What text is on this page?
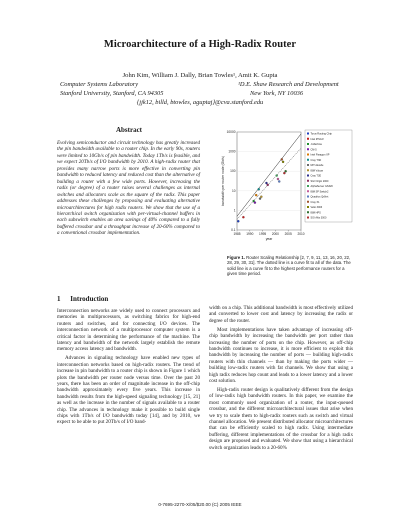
Microarchitecture of a High-Radix Router
John Kim, William J. Dally, Brian Towles¹, Amit K. Gupta
Computer Systems Laboratory	¹D.E. Shaw Research and Development
Stanford University, Stanford, CA 94305	New York, NY 10036
{jjk12, billd, btowles, aguptaj}@cva.stanford.edu
Abstract
Evolving semiconductor and circuit technology has greatly increased the pin bandwidth available to a router chip. In the early 90s, routers were limited to 10Gb/s of pin bandwidth. Today 1Tb/s is feasible, and we expect 20Tb/s of I/O bandwidth by 2010. A high-radix router that provides many narrow ports is more effective in converting pin bandwidth to reduced latency and reduced cost than the alternative of building a router with a few wide ports. However, increasing the radix (or degree) of a router raises several challenges as internal switches and allocators scale as the square of the radix. This paper addresses these challenges by proposing and evaluating alternative microarchitectures for high radix routers. We show that the use of a hierarchical switch organization with per-virtual-channel buffers in each subswitch enables an area savings of 40% compared to a fully buffered crossbar and a throughput increase of 20-60% compared to a conventional crossbar implementation.
1 Introduction

Interconnection networks are widely used to connect processors and memories in multiprocessors, as switching fabrics for high-end routers and switches, and for connecting I/O devices. The interconnection network of a multiprocessor computer system is a critical factor in determining the performance of the machine. The latency and bandwidth of the network largely establish the remote memory access latency and bandwidth.

Advances in signaling technology have enabled new types of interconnection networks based on high-radix routers. The trend of increase in pin bandwidth to a router chip is shown in Figure 1 which plots the bandwidth per router node versus time. Over the past 20 years, there has been an order of magnitude increase in the off-chip bandwidth approximately every five years. This increase in bandwidth results from the high-speed signaling technology [15, 21] as well as the increase in the number of signals available to a router chip. The advances in technology make it possible to build single chips with 1Tb/s of I/O bandwidth today [14], and by 2010, we expect to be able to put 20Tb/s of I/O band-

0.1
1
10
100
1000
10000
1985 1990 1995 2000 2005 2010
year
bandwidth per router node (Gb/s)
Torus Routing Chip
Intel iPSC/2
J-Machine
CM-5
Intel Paragon XP
Cray T3D
MIT Alewife
IBM Vulcan
Cray T3E
SGI Origin 2000
AlphaServer GS320
IBM SP Switch2
Quadrics QsNet
Cray X1
Velio 3003
IBM HPS
SGI Altix 3000
Figure 1. Router Scaling Relationship [2, 7, 9, 11, 13, 16, 20, 22, 28, 29, 30, 31]. The dotted line is a curve fit to all of the data. The solid line is a curve fit to the highest performance routers for a given time period.

width on a chip. This additional bandwidth is most effectively utilized and converted to lower cost and latency by increasing the radix or degree of the router.

Most implementations have taken advantage of increasing off-chip bandwidth by increasing the bandwidth per port rather than increasing the number of ports on the chip. However, as off-chip bandwidth continues to increase, it is more efficient to exploit this bandwidth by increasing the number of ports — building high-radix routers with thin channels — than by making the ports wider — building low-radix routers with fat channels. We show that using a high radix reduces hop count and leads to a lower latency and a lower cost solution.

High-radix router design is qualitatively different from the design of low-radix high bandwidth routers. In this paper, we examine the most commonly used organization of a router, the input-queued crossbar, and the different microarchitectural issues that arise when we try to scale them to high-radix routers such as switch and virtual channel allocation. We present distributed allocator microarchitectures that can be efficiently scaled to high radix. Using intermediate buffering, different implementations of the crossbar for a high radix design are proposed and evaluated. We show that using a hierarchical switch organization leads to a 20-60%

0-7695-2270-X/05/$20.00 (C) 2005 IEEE
